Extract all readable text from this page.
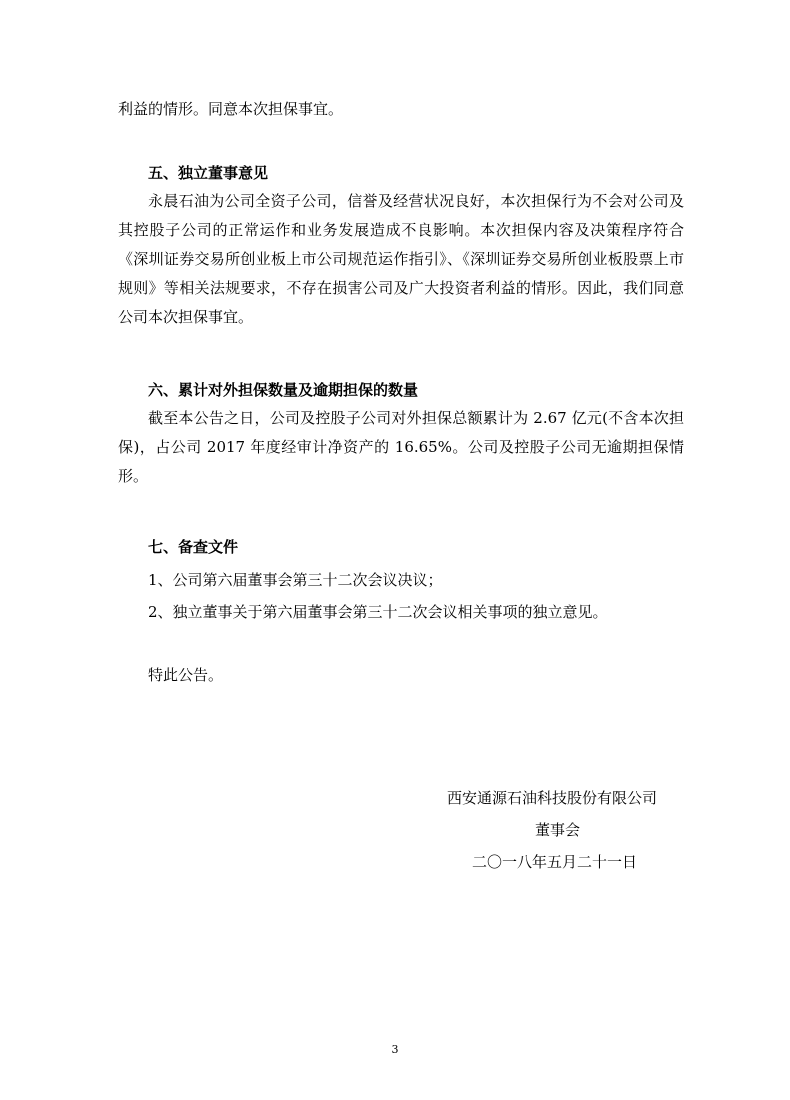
利益的情形。同意本次担保事宜。

五、独立董事意见

永晨石油为公司全资子公司，信誉及经营状况良好，本次担保行为不会对公司及其控股子公司的正常运作和业务发展造成不良影响。本次担保内容及决策程序符合《深圳证券交易所创业板上市公司规范运作指引》、《深圳证券交易所创业板股票上市规则》等相关法规要求，不存在损害公司及广大投资者利益的情形。因此，我们同意公司本次担保事宜。

六、累计对外担保数量及逾期担保的数量

截至本公告之日，公司及控股子公司对外担保总额累计为 2.67 亿元(不含本次担保)，占公司 2017 年度经审计净资产的 16.65%。公司及控股子公司无逾期担保情形。

七、备查文件

1、公司第六届董事会第三十二次会议决议；

2、独立董事关于第六届董事会第三十二次会议相关事项的独立意见。

特此公告。

西安通源石油科技股份有限公司

董事会

二〇一八年五月二十一日

3
